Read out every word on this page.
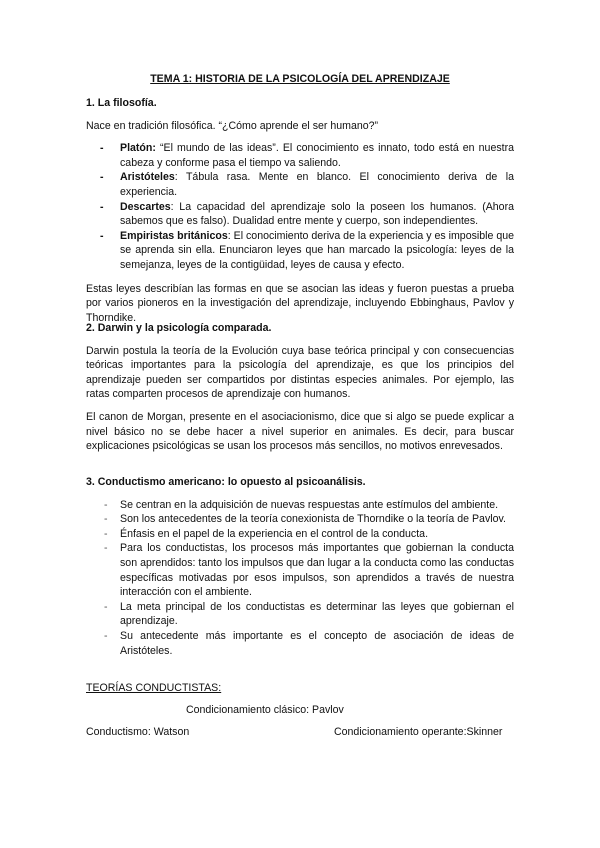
TEMA 1: HISTORIA DE LA PSICOLOGÍA DEL APRENDIZAJE
1. La filosofía.
Nace en tradición filosófica. “¿Cómo aprende el ser humano?”
- Platón: “El mundo de las ideas”. El conocimiento es innato, todo está en nuestra cabeza y conforme pasa el tiempo va saliendo.
- Aristóteles: Tábula rasa. Mente en blanco. El conocimiento deriva de la experiencia.
- Descartes: La capacidad del aprendizaje solo la poseen los humanos. (Ahora sabemos que es falso). Dualidad entre mente y cuerpo, son independientes.
- Empiristas británicos: El conocimiento deriva de la experiencia y es imposible que se aprenda sin ella. Enunciaron leyes que han marcado la psicología: leyes de la semejanza, leyes de la contigüidad, leyes de causa y efecto.
Estas leyes describían las formas en que se asocian las ideas y fueron puestas a prueba por varios pioneros en la investigación del aprendizaje, incluyendo Ebbinghaus, Pavlov y Thorndike.
2. Darwin y la psicología comparada.
Darwin postula la teoría de la Evolución cuya base teórica principal y con consecuencias teóricas importantes para la psicología del aprendizaje, es que los principios del aprendizaje pueden ser compartidos por distintas especies animales. Por ejemplo, las ratas comparten procesos de aprendizaje con humanos.
El canon de Morgan, presente en el asociacionismo, dice que si algo se puede explicar a nivel básico no se debe hacer a nivel superior en animales. Es decir, para buscar explicaciones psicológicas se usan los procesos más sencillos, no motivos enrevesados.
3. Conductismo americano: lo opuesto al psicoanálisis.
- Se centran en la adquisición de nuevas respuestas ante estímulos del ambiente.
- Son los antecedentes de la teoría conexionista de Thorndike o la teoría de Pavlov.
- Énfasis en el papel de la experiencia en el control de la conducta.
- Para los conductistas, los procesos más importantes que gobiernan la conducta son aprendidos: tanto los impulsos que dan lugar a la conducta como las conductas específicas motivadas por esos impulsos, son aprendidos a través de nuestra interacción con el ambiente.
- La meta principal de los conductistas es determinar las leyes que gobiernan el aprendizaje.
- Su antecedente más importante es el concepto de asociación de ideas de Aristóteles.
TEORÍAS CONDUCTISTAS:
Condicionamiento clásico: Pavlov
Conductismo: Watson	Condicionamiento operante:Skinner
